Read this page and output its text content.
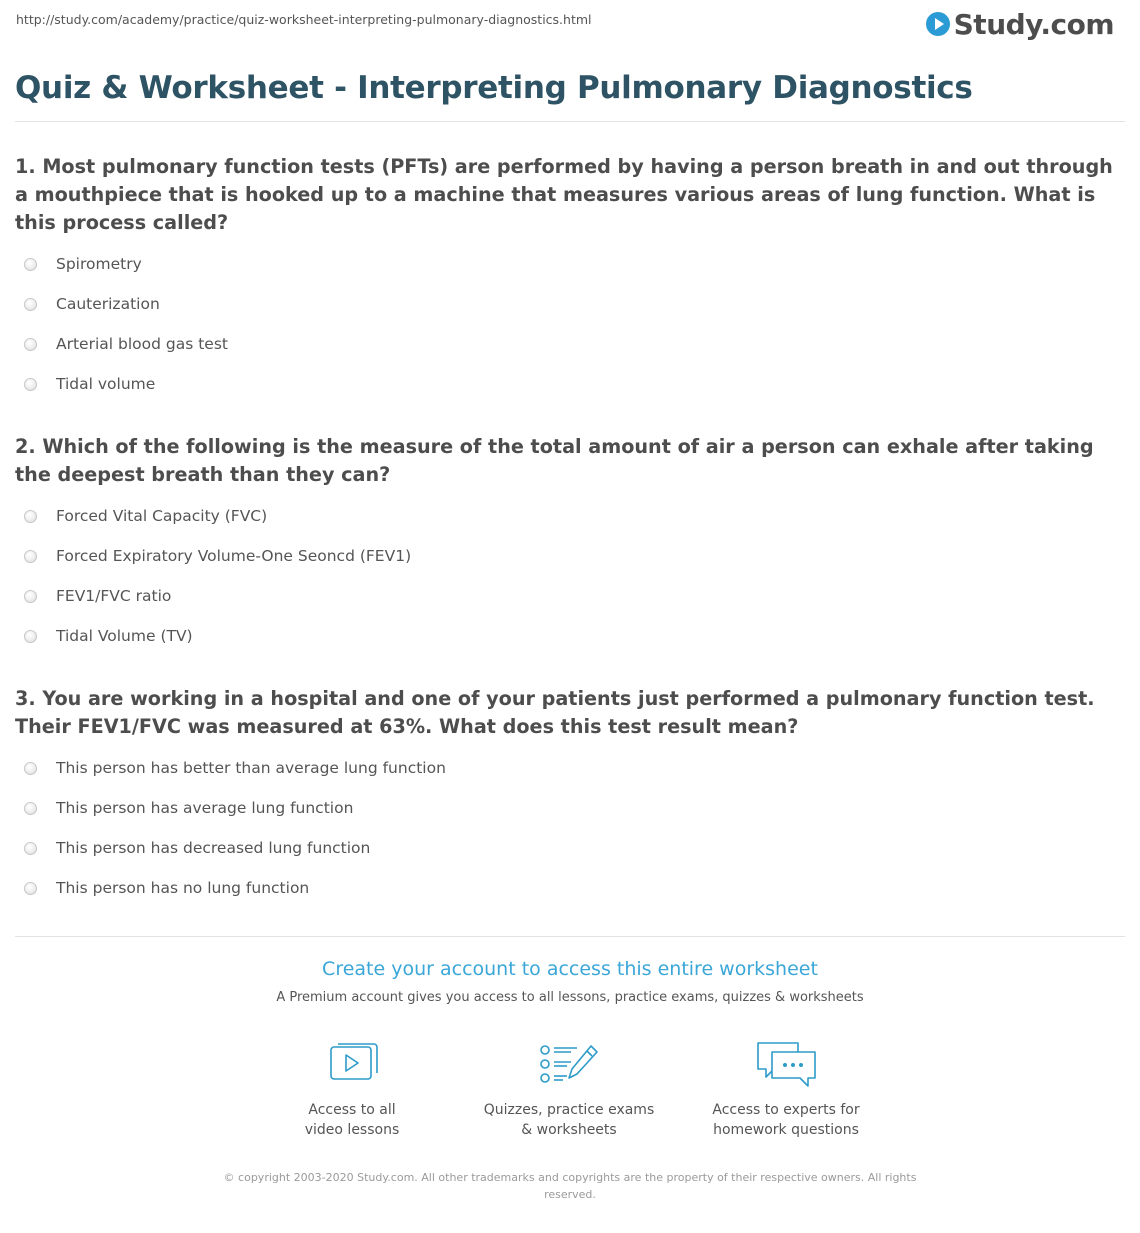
http://study.com/academy/practice/quiz-worksheet-interpreting-pulmonary-diagnostics.html	Study.com
Quiz & Worksheet - Interpreting Pulmonary Diagnostics

1. Most pulmonary function tests (PFTs) are performed by having a person breath in and out through a mouthpiece that is hooked up to a machine that measures various areas of lung function. What is this process called?

Spirometry
Cauterization
Arterial blood gas test
Tidal volume

2. Which of the following is the measure of the total amount of air a person can exhale after taking the deepest breath than they can?

Forced Vital Capacity (FVC)
Forced Expiratory Volume-One Seoncd (FEV1)
FEV1/FVC ratio
Tidal Volume (TV)

3. You are working in a hospital and one of your patients just performed a pulmonary function test. Their FEV1/FVC was measured at 63%. What does this test result mean?

This person has better than average lung function
This person has average lung function
This person has decreased lung function
This person has no lung function
Create your account to access this entire worksheet
A Premium account gives you access to all lessons, practice exams, quizzes & worksheets
Access to all
video lessons
Quizzes, practice exams
& worksheets
Access to experts for
homework questions
© copyright 2003-2020 Study.com. All other trademarks and copyrights are the property of their respective owners. All rights reserved.
